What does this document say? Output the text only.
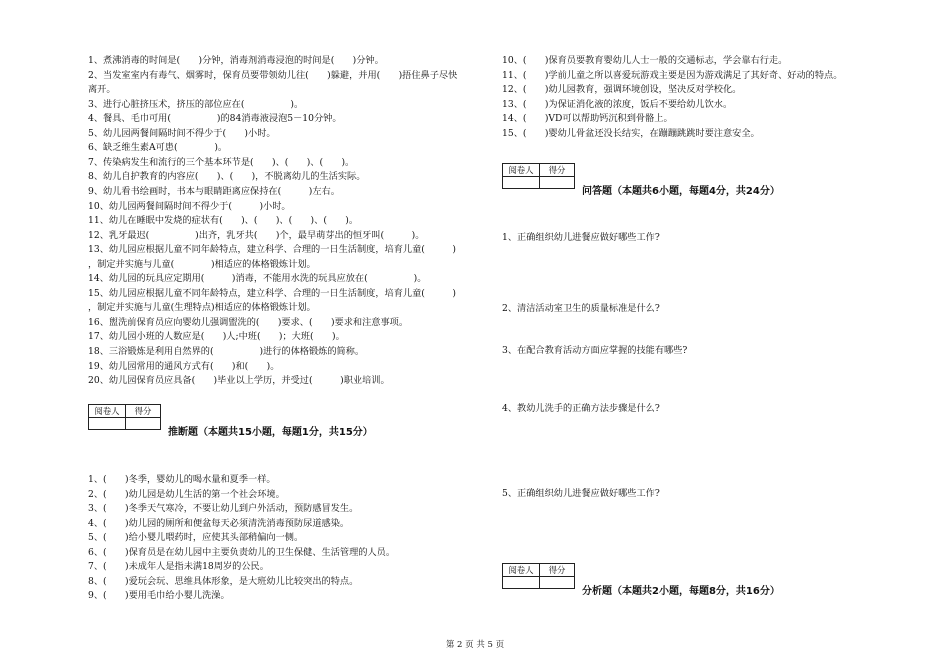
1、煮沸消毒的时间是(　　)分钟，消毒剂消毒浸泡的时间是(　　)分钟。
2、当发室室内有毒气、烟雾时，保育员要带领幼儿往(　　)躲避，并用(　　)捂住鼻子尽快
离开。
3、进行心脏挤压术，挤压的部位应在(　　　　　)。
4、餐具、毛巾可用(　　　　　)的84消毒液浸泡5－10分钟。
5、幼儿园两餐间隔时间不得少于(　　)小时。
6、缺乏维生素A可患(　　　　)。
7、传染病发生和流行的三个基本环节是(　　)、(　　)、(　　)。
8、幼儿自护教育的内容应(　　)、(　　)，不脱离幼儿的生活实际。
9、幼儿看书绘画时，书本与眼睛距离应保持在(　　　)左右。
10、幼儿园两餐间隔时间不得少于(　　　)小时。
11、幼儿在睡眠中发烧的症状有(　　)、(　　)、(　　)、(　　)。
12、乳牙最迟(　　　　　)出齐，乳牙共(　　)个，最早萌芽出的恒牙叫(　　　)。
13、幼儿园应根据儿童不同年龄特点，建立科学、合理的一日生活制度，培育儿童(　　　)
，制定并实施与儿童(　　　　)相适应的体格锻炼计划。
14、幼儿园的玩具应定期用(　　　)消毒，不能用水洗的玩具应放在(　　　　　)。
15、幼儿园应根据儿童不同年龄特点，建立科学、合理的一日生活制度，培育儿童(　　　)
，制定并实施与儿童(生理特点)相适应的体格锻炼计划。
16、盥洗前保育员应向婴幼儿强调盥洗的(　　)要求、(　　)要求和注意事项。
17、幼儿园小班的人数应是(　　)人;中班(　　)；大班(　　)。
18、三浴锻炼是利用自然界的(　　　　　)进行的体格锻炼的简称。
19、幼儿园常用的通风方式有(　　)和(　　)。
20、幼儿园保育员应具备(　　)毕业以上学历，并受过(　　　)职业培训。
阅卷人	得分

推断题（本题共15小题，每题1分，共15分）
1、(　　)冬季，婴幼儿的喝水量和夏季一样。
2、(　　)幼儿园是幼儿生活的第一个社会环境。
3、(　　)冬季天气寒冷，不要让幼儿到户外活动，预防感冒发生。
4、(　　)幼儿园的厕所和便盆每天必须清洗消毒预防尿道感染。
5、(　　)给小婴儿喂药时，应使其头部稍偏向一侧。
6、(　　)保育员是在幼儿园中主要负责幼儿的卫生保健、生活管理的人员。
7、(　　)未成年人是指未满18周岁的公民。
8、(　　)爱玩会玩、思维具体形象，是大班幼儿比较突出的特点。
9、(　　)要用毛巾给小婴儿洗澡。
10、(　　)保育员要教育婴幼儿人士一般的交通标志，学会靠右行走。
11、(　　)学前儿童之所以喜爱玩游戏主要是因为游戏满足了其好奇、好动的特点。
12、(　　)幼儿园教育，强调环境创设，坚决反对学校化。
13、(　　)为保证消化液的浓度，饭后不要给幼儿饮水。
14、(　　)VD可以帮助钙沉积到骨骼上。
15、(　　)婴幼儿骨盆还没长结实，在蹦蹦跳跳时要注意安全。
阅卷人	得分

问答题（本题共6小题，每题4分，共24分）
1、正确组织幼儿进餐应做好哪些工作?
2、清洁活动室卫生的质量标准是什么?
3、在配合教育活动方面应掌握的技能有哪些?
4、教幼儿洗手的正确方法步骤是什么?
5、正确组织幼儿进餐应做好哪些工作?
阅卷人	得分

分析题（本题共2小题，每题8分，共16分）
第 2 页 共 5 页
